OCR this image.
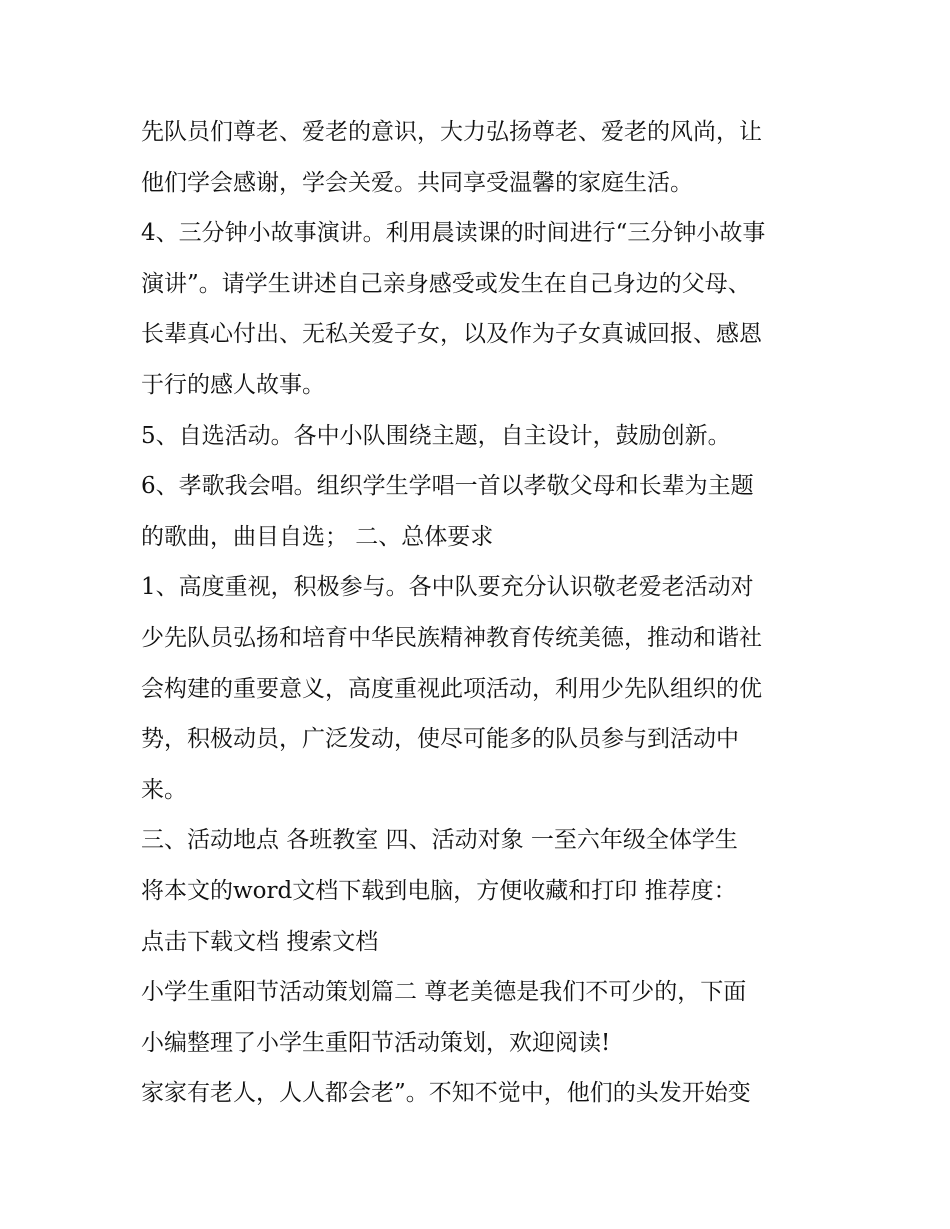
先队员们尊老、爱老的意识，大力弘扬尊老、爱老的风尚，让
他们学会感谢，学会关爱。共同享受温馨的家庭生活。
4、三分钟小故事演讲。利用晨读课的时间进行“三分钟小故事
演讲”。请学生讲述自己亲身感受或发生在自己身边的父母、
长辈真心付出、无私关爱子女，以及作为子女真诚回报、感恩
于行的感人故事。
5、自选活动。各中小队围绕主题，自主设计，鼓励创新。
6、孝歌我会唱。组织学生学唱一首以孝敬父母和长辈为主题
的歌曲，曲目自选； 二、总体要求
1、高度重视，积极参与。各中队要充分认识敬老爱老活动对
少先队员弘扬和培育中华民族精神教育传统美德，推动和谐社
会构建的重要意义，高度重视此项活动，利用少先队组织的优
势，积极动员，广泛发动，使尽可能多的队员参与到活动中
来。
三、活动地点 各班教室 四、活动对象 一至六年级全体学生
将本文的word文档下载到电脑，方便收藏和打印 推荐度：
点击下载文档 搜索文档
小学生重阳节活动策划篇二 尊老美德是我们不可少的，下面
小编整理了小学生重阳节活动策划，欢迎阅读!
家家有老人，人人都会老”。不知不觉中，他们的头发开始变
